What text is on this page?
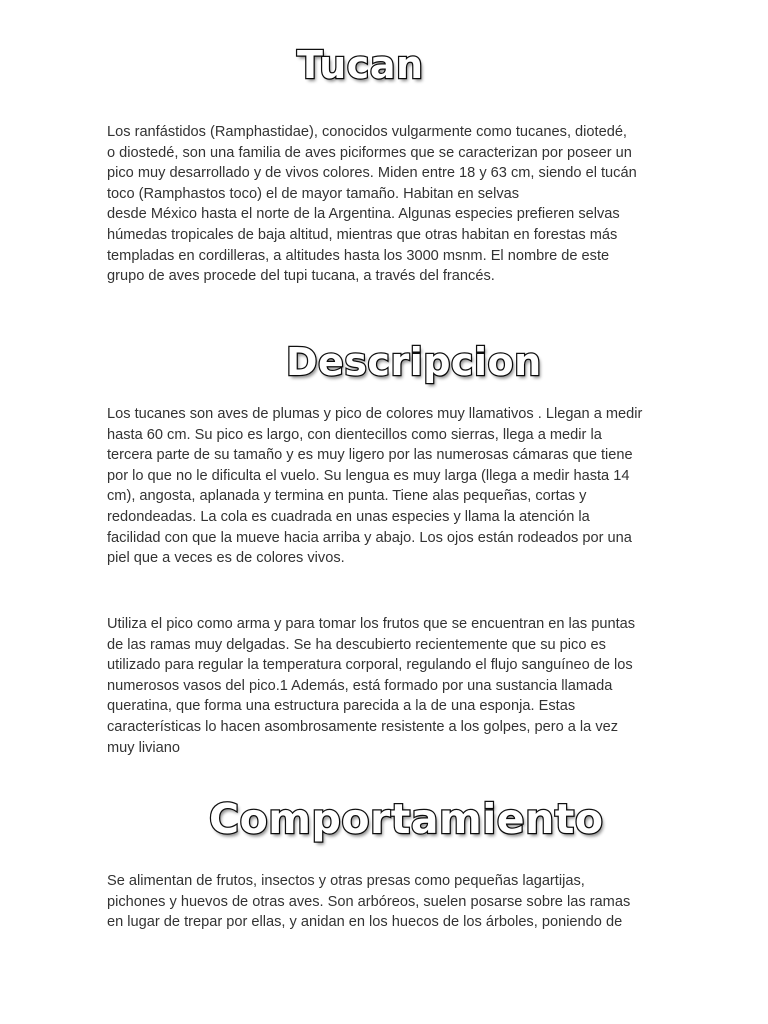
Tucan

Los ranfástidos (Ramphastidae), conocidos vulgarmente como tucanes, diotedé,
o diostedé, son una familia de aves piciformes que se caracterizan por poseer un
pico muy desarrollado y de vivos colores. Miden entre 18 y 63 cm, siendo el tucán
toco (Ramphastos toco) el de mayor tamaño. Habitan en selvas
desde México hasta el norte de la Argentina. Algunas especies prefieren selvas
húmedas tropicales de baja altitud, mientras que otras habitan en forestas más
templadas en cordilleras, a altitudes hasta los 3000 msnm. El nombre de este
grupo de aves procede del tupi tucana, a través del francés.

Descripcion

Los tucanes son aves de plumas y pico de colores muy llamativos . Llegan a medir
hasta 60 cm. Su pico es largo, con dientecillos como sierras, llega a medir la
tercera parte de su tamaño y es muy ligero por las numerosas cámaras que tiene
por lo que no le dificulta el vuelo. Su lengua es muy larga (llega a medir hasta 14
cm), angosta, aplanada y termina en punta. Tiene alas pequeñas, cortas y
redondeadas. La cola es cuadrada en unas especies y llama la atención la
facilidad con que la mueve hacia arriba y abajo. Los ojos están rodeados por una
piel que a veces es de colores vivos.

Utiliza el pico como arma y para tomar los frutos que se encuentran en las puntas
de las ramas muy delgadas. Se ha descubierto recientemente que su pico es
utilizado para regular la temperatura corporal, regulando el flujo sanguíneo de los
numerosos vasos del pico.1 Además, está formado por una sustancia llamada
queratina, que forma una estructura parecida a la de una esponja. Estas
características lo hacen asombrosamente resistente a los golpes, pero a la vez
muy liviano

Comportamiento

Se alimentan de frutos, insectos y otras presas como pequeñas lagartijas,
pichones y huevos de otras aves. Son arbóreos, suelen posarse sobre las ramas
en lugar de trepar por ellas, y anidan en los huecos de los árboles, poniendo de
